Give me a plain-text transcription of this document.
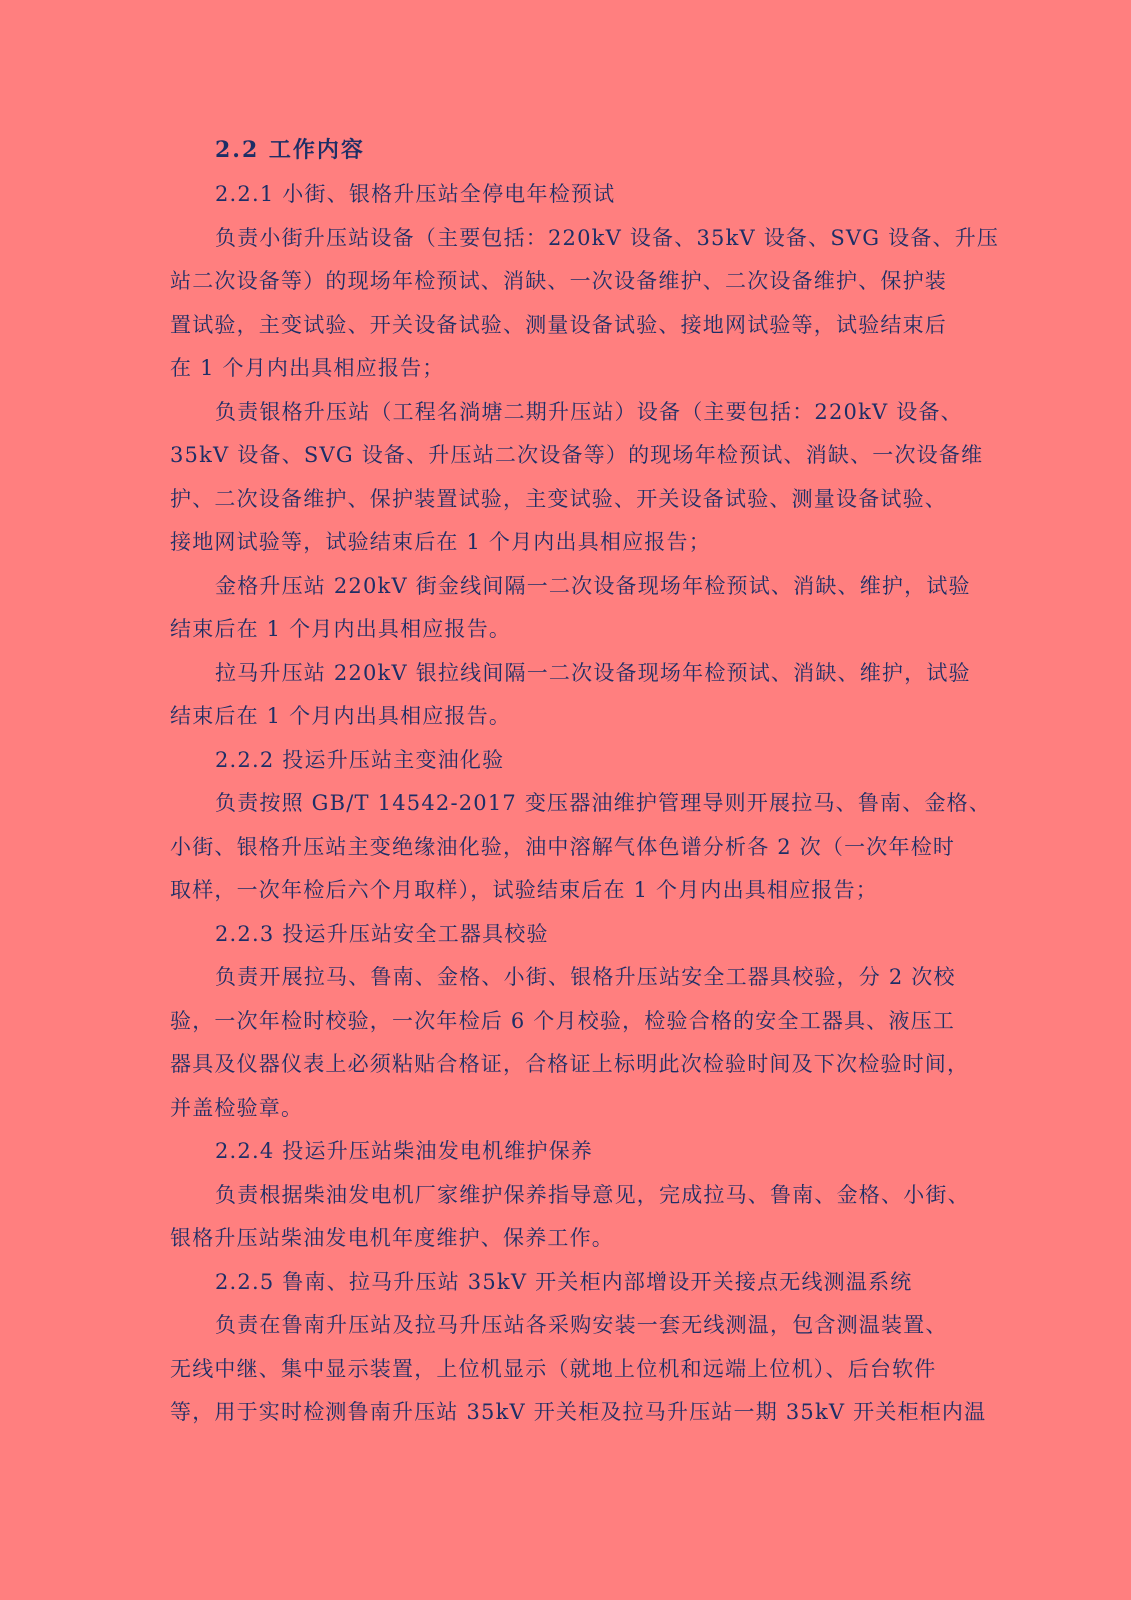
2.2 工作内容
2.2.1 小街、银格升压站全停电年检预试
负责小街升压站设备（主要包括：220kV 设备、35kV 设备、SVG 设备、升压
站二次设备等）的现场年检预试、消缺、一次设备维护、二次设备维护、保护装
置试验，主变试验、开关设备试验、测量设备试验、接地网试验等，试验结束后
在 1 个月内出具相应报告；
负责银格升压站（工程名淌塘二期升压站）设备（主要包括：220kV 设备、
35kV 设备、SVG 设备、升压站二次设备等）的现场年检预试、消缺、一次设备维
护、二次设备维护、保护装置试验，主变试验、开关设备试验、测量设备试验、
接地网试验等，试验结束后在 1 个月内出具相应报告；
金格升压站 220kV 街金线间隔一二次设备现场年检预试、消缺、维护，试验
结束后在 1 个月内出具相应报告。
拉马升压站 220kV 银拉线间隔一二次设备现场年检预试、消缺、维护，试验
结束后在 1 个月内出具相应报告。
2.2.2 投运升压站主变油化验
负责按照 GB/T 14542-2017 变压器油维护管理导则开展拉马、鲁南、金格、
小街、银格升压站主变绝缘油化验，油中溶解气体色谱分析各 2 次（一次年检时
取样，一次年检后六个月取样），试验结束后在 1 个月内出具相应报告；
2.2.3 投运升压站安全工器具校验
负责开展拉马、鲁南、金格、小街、银格升压站安全工器具校验，分 2 次校
验，一次年检时校验，一次年检后 6 个月校验，检验合格的安全工器具、液压工
器具及仪器仪表上必须粘贴合格证，合格证上标明此次检验时间及下次检验时间，
并盖检验章。
2.2.4 投运升压站柴油发电机维护保养
负责根据柴油发电机厂家维护保养指导意见，完成拉马、鲁南、金格、小街、
银格升压站柴油发电机年度维护、保养工作。
2.2.5 鲁南、拉马升压站 35kV 开关柜内部增设开关接点无线测温系统
负责在鲁南升压站及拉马升压站各采购安装一套无线测温，包含测温装置、
无线中继、集中显示装置，上位机显示（就地上位机和远端上位机）、后台软件
等，用于实时检测鲁南升压站 35kV 开关柜及拉马升压站一期 35kV 开关柜柜内温
